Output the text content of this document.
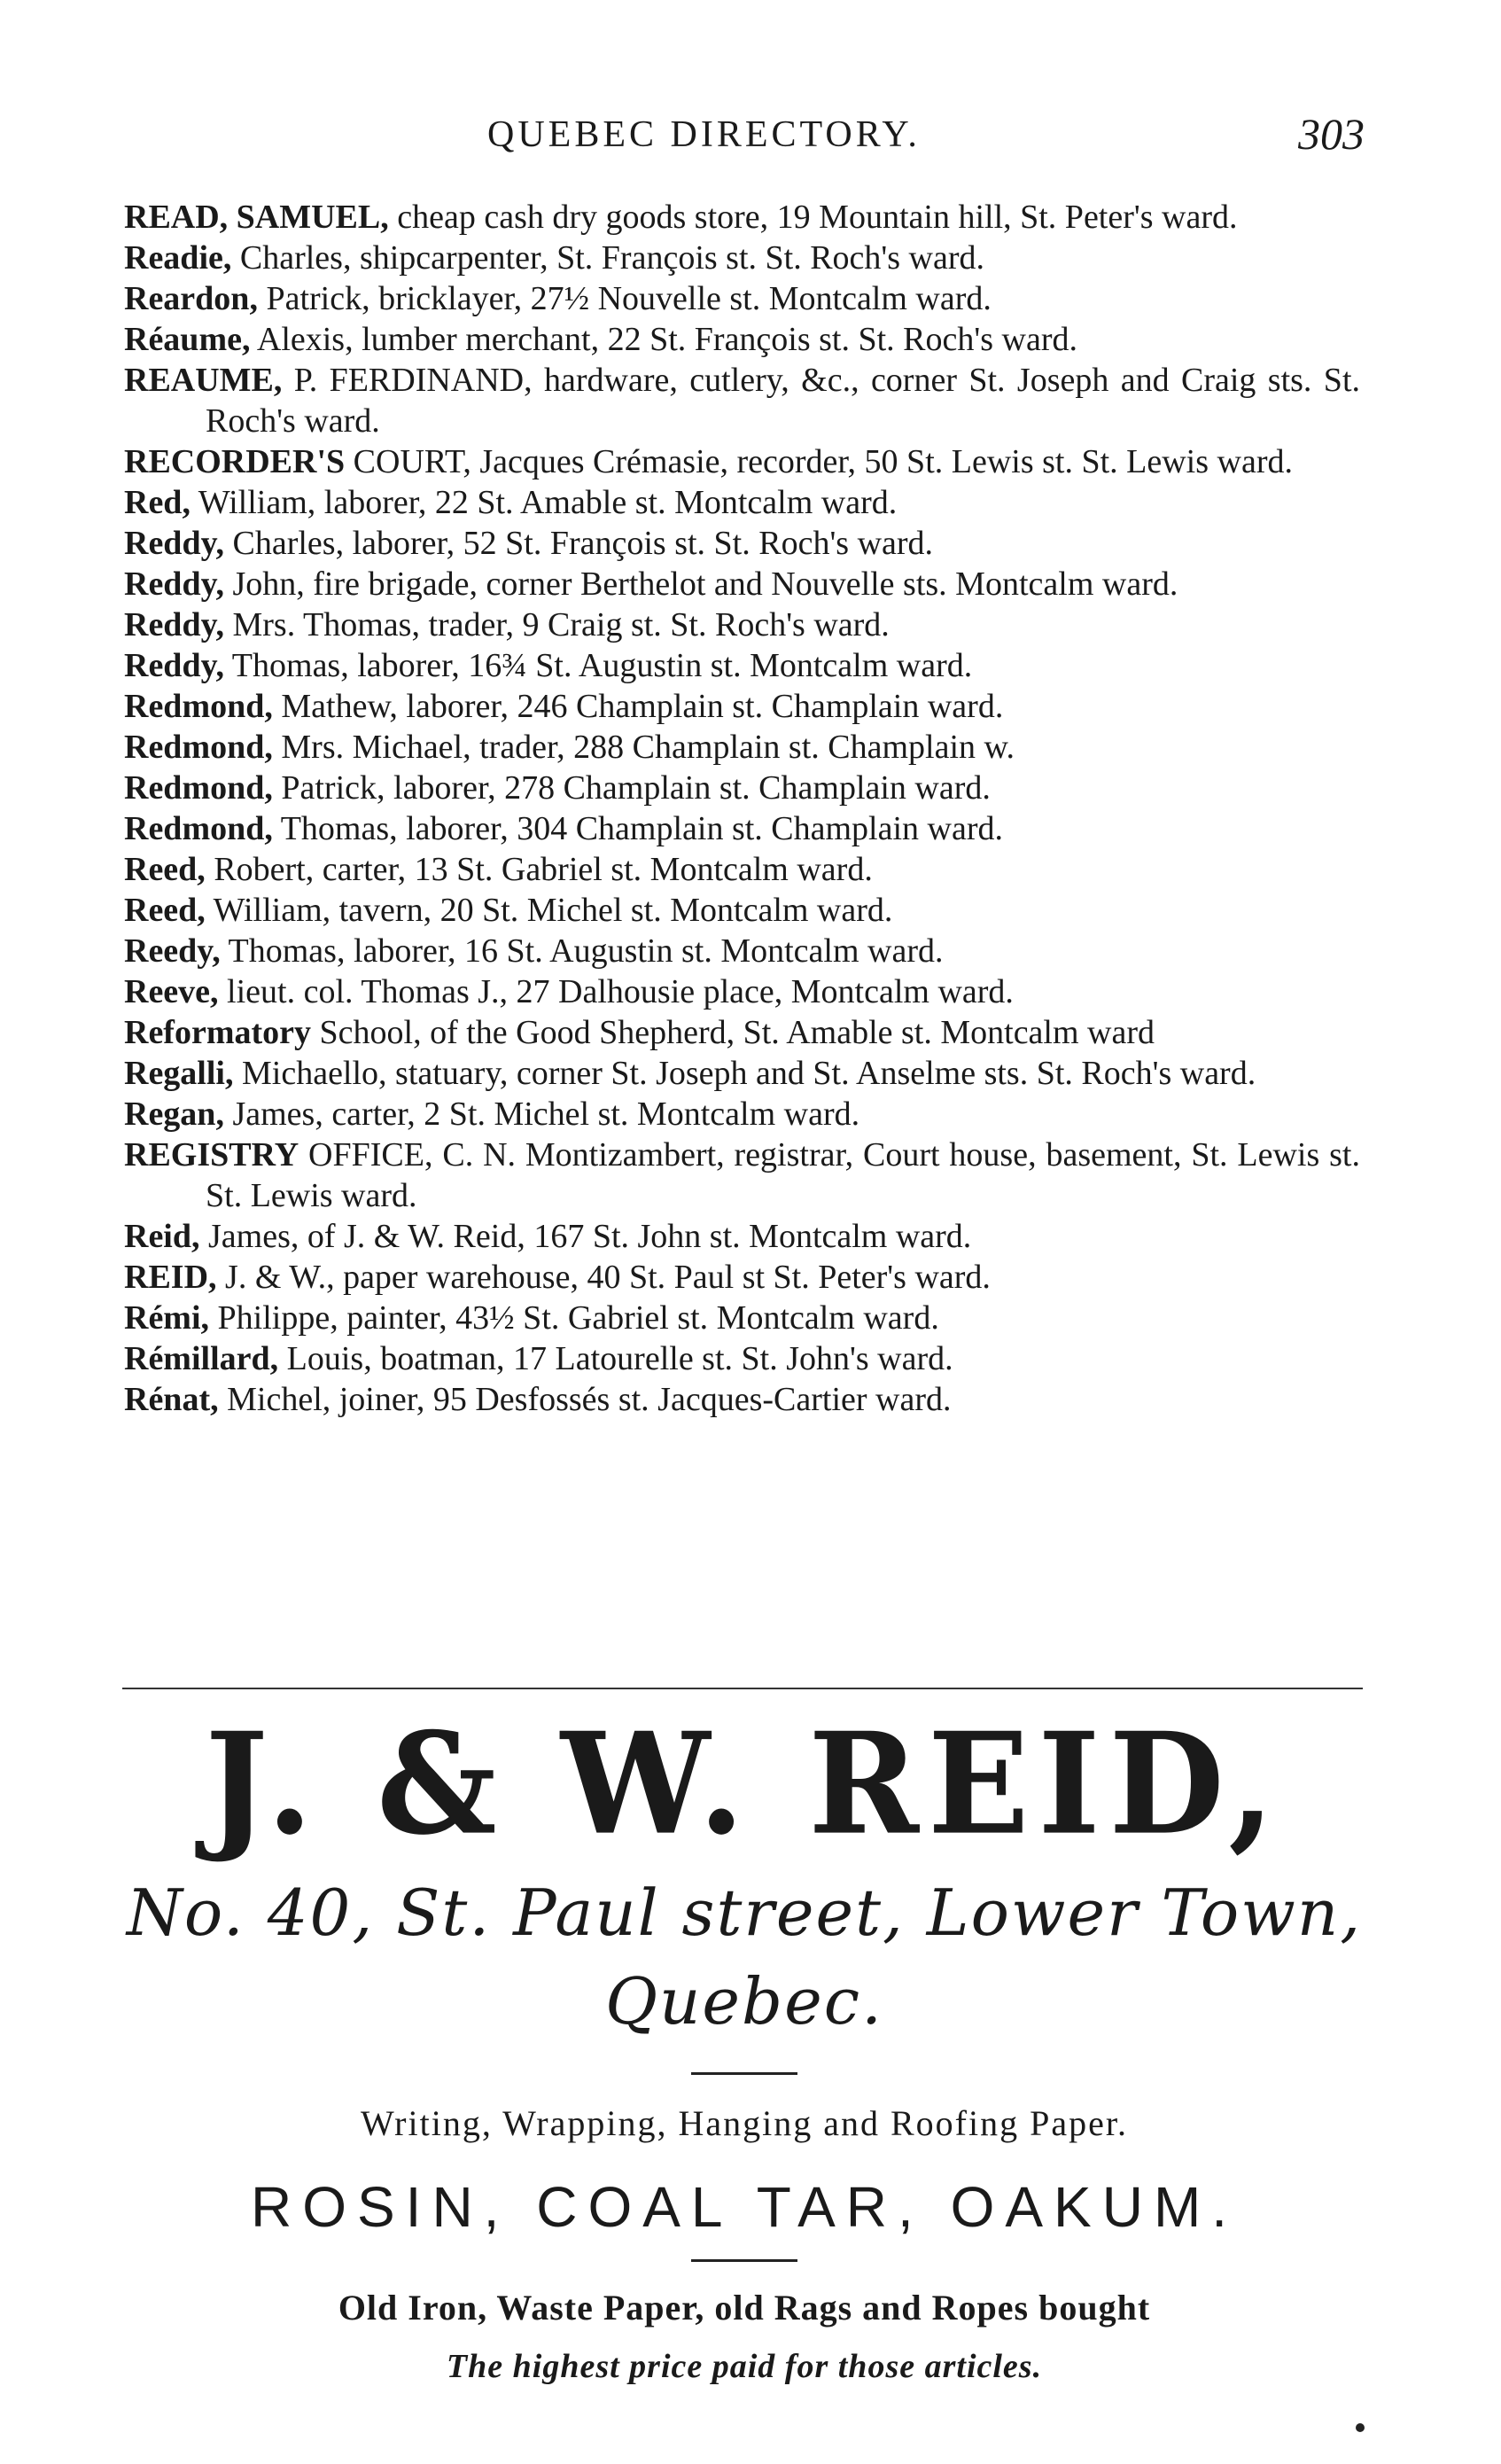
QUEBEC DIRECTORY.	303

READ, SAMUEL, cheap cash dry goods store, 19 Mountain hill, St. Peter's ward.

Readie, Charles, shipcarpenter, St. François st. St. Roch's ward.

Reardon, Patrick, bricklayer, 27½ Nouvelle st. Montcalm ward.

Réaume, Alexis, lumber merchant, 22 St. François st. St. Roch's ward.

REAUME, P. FERDINAND, hardware, cutlery, &c., corner St. Joseph and Craig sts. St. Roch's ward.

RECORDER'S COURT, Jacques Crémasie, recorder, 50 St. Lewis st. St. Lewis ward.

Red, William, laborer, 22 St. Amable st. Montcalm ward.

Reddy, Charles, laborer, 52 St. François st. St. Roch's ward.

Reddy, John, fire brigade, corner Berthelot and Nouvelle sts. Montcalm ward.

Reddy, Mrs. Thomas, trader, 9 Craig st. St. Roch's ward.

Reddy, Thomas, laborer, 16¾ St. Augustin st. Montcalm ward.

Redmond, Mathew, laborer, 246 Champlain st. Champlain ward.

Redmond, Mrs. Michael, trader, 288 Champlain st. Champlain w.

Redmond, Patrick, laborer, 278 Champlain st. Champlain ward.

Redmond, Thomas, laborer, 304 Champlain st. Champlain ward.

Reed, Robert, carter, 13 St. Gabriel st. Montcalm ward.

Reed, William, tavern, 20 St. Michel st. Montcalm ward.

Reedy, Thomas, laborer, 16 St. Augustin st. Montcalm ward.

Reeve, lieut. col. Thomas J., 27 Dalhousie place, Montcalm ward.

Reformatory School, of the Good Shepherd, St. Amable st. Montcalm ward

Regalli, Michaello, statuary, corner St. Joseph and St. Anselme sts. St. Roch's ward.

Regan, James, carter, 2 St. Michel st. Montcalm ward.

REGISTRY OFFICE, C. N. Montizambert, registrar, Court house, basement, St. Lewis st. St. Lewis ward.

Reid, James, of J. & W. Reid, 167 St. John st. Montcalm ward.

REID, J. & W., paper warehouse, 40 St. Paul st St. Peter's ward.

Rémi, Philippe, painter, 43½ St. Gabriel st. Montcalm ward.

Rémillard, Louis, boatman, 17 Latourelle st. St. John's ward.

Rénat, Michel, joiner, 95 Desfossés st. Jacques-Cartier ward.

J. & W. REID,
No. 40, St. Paul street, Lower Town, Quebec.
Writing, Wrapping, Hanging and Roofing Paper.
ROSIN, COAL TAR, OAKUM.
Old Iron, Waste Paper, old Rags and Ropes bought
The highest price paid for those articles.
